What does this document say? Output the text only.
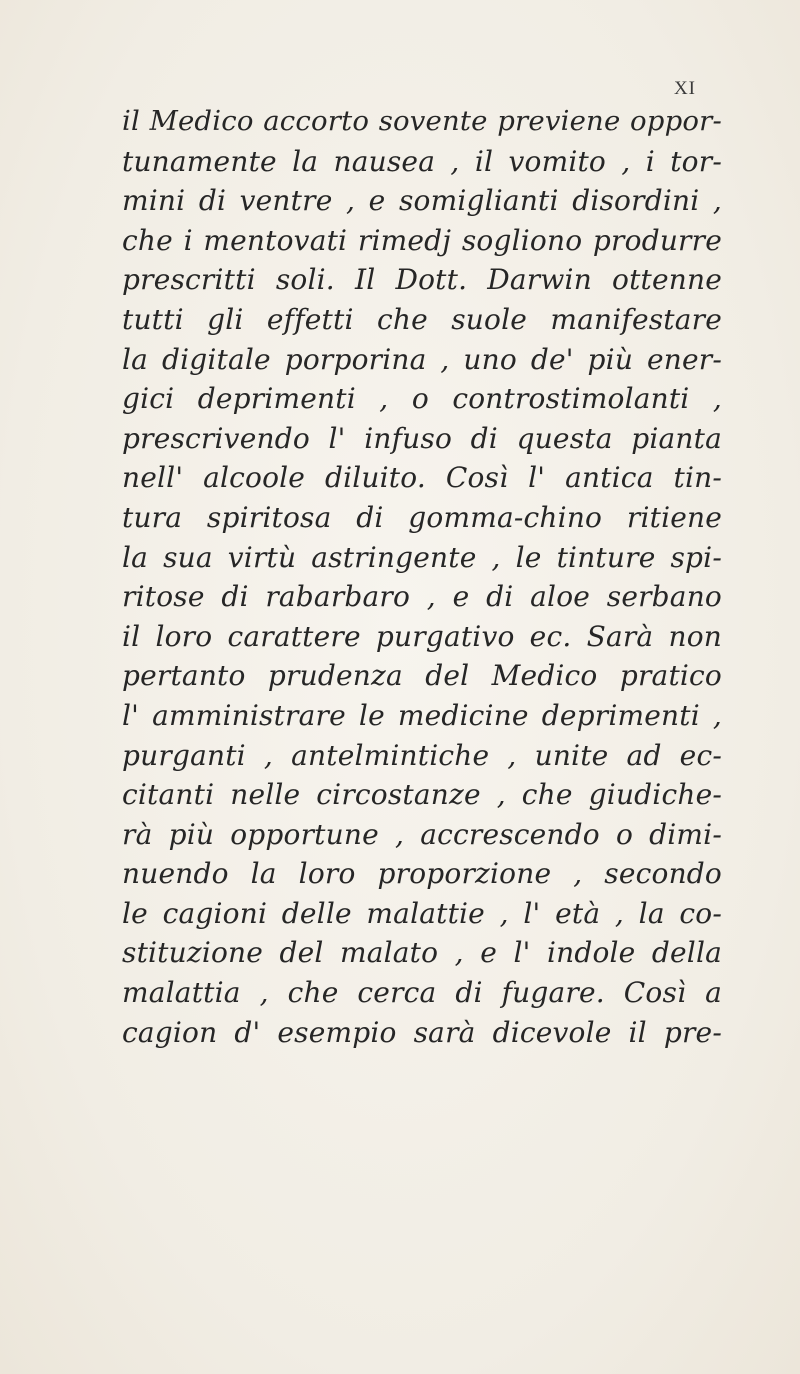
XI
il Medico accorto sovente previene oppor-
tunamente la nausea , il vomito , i tor-
mini di ventre , e somiglianti disordini ,
che i mentovati rimedj sogliono produrre
prescritti soli. Il Dott. Darwin ottenne
tutti gli effetti che suole manifestare
la digitale porporina , uno de' più ener-
gici deprimenti , o controstimolanti ,
prescrivendo l' infuso di questa pianta
nell' alcoole diluito. Così l' antica tin-
tura spiritosa di gomma-chino ritiene
la sua virtù astringente , le tinture spi-
ritose di rabarbaro , e di aloe serbano
il loro carattere purgativo ec. Sarà non
pertanto prudenza del Medico pratico
l' amministrare le medicine deprimenti ,
purganti , antelmintiche , unite ad ec-
citanti nelle circostanze , che giudiche-
rà più opportune , accrescendo o dimi-
nuendo la loro proporzione , secondo
le cagioni delle malattie , l' età , la co-
stituzione del malato , e l' indole della
malattia , che cerca di fugare. Così a
cagion d' esempio sarà dicevole il pre-
